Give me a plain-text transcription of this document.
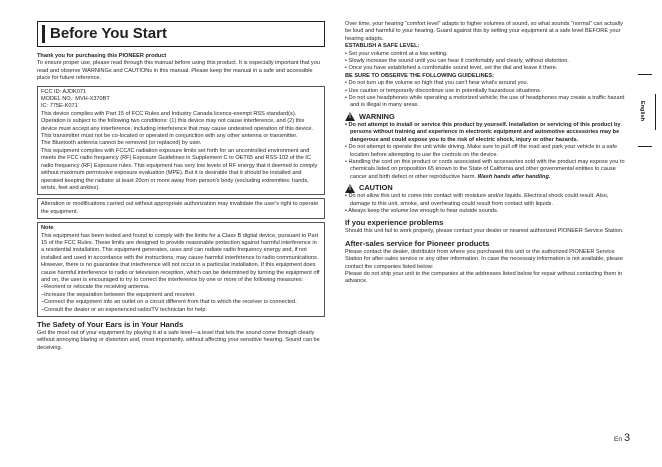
Before You Start

Thank you for purchasing this PIONEER product

To ensure proper use, please read through this manual before using this product. It is especially important that you read and observe WARNINGs and CAUTIONs in this manual. Please keep the manual in a safe and accessible place for future reference.

FCC ID: AJDK071

MODEL NO.: MVH-X370BT

IC: 775E-K071

This device complies with Part 15 of FCC Rules and Industry Canada licence-exempt RSS standard(s). Operation is subject to the following two conditions: (1) this device may not cause interference, and (2) this device must accept any interference, including interference that may cause undesired operation of this device.

This transmitter must not be co-located or operated in conjunction with any other antenna or transmitter.

The Bluetooth antenna cannot be removed (or replaced) by user.

This equipment complies with FCC/IC radiation exposure limits set forth for an uncontrolled environment and meets the FCC radio frequency (RF) Exposure Guidelines in Supplement C to OET65 and RSS-102 of the IC radio frequency (RF) Exposure rules. This equipment has very low levels of RF energy that it deemed to comply without maximum permissive exposure evaluation (MPE). But it is desirable that it should be installed and operated keeping the radiator at least 20cm or more away from person's body (excluding extremities: hands, wrists, feet and ankles).

Alteration or modifications carried out without appropriate authorization may invalidate the user's right to operate the equipment.

Note

This equipment has been tested and found to comply with the limits for a Class B digital device, pursuant to Part 15 of the FCC Rules. These limits are designed to provide reasonable protection against harmful interference in a residential installation. This equipment generates, uses and can radiate radio frequency energy and, if not installed and used in accordance with the instructions, may cause harmful interference to radio communications. However, there is no guarantee that interference will not occur in a particular installation. If this equipment does cause harmful interference to radio or television reception, which can be determined by turning the equipment off and on, the user is encouraged to try to correct the interference by one or more of the following measures:

–Reorient or relocate the receiving antenna.

–Increase the separation between the equipment and receiver.

–Connect the equipment into an outlet on a circuit different from that to which the receiver is connected.

–Consult the dealer or an experienced radio/TV technician for help.

The Safety of Your Ears is in Your Hands

Get the most out of your equipment by playing it at a safe level—a level that lets the sound come through clearly without annoying blaring or distortion and, most importantly, without affecting your sensitive hearing. Sound can be deceiving.

Over time, your hearing “comfort level” adapts to higher volumes of sound, so what sounds “normal” can actually be loud and harmful to your hearing. Guard against this by setting your equipment at a safe level BEFORE your hearing adapts.

ESTABLISH A SAFE LEVEL:

• Set your volume control at a low setting.

• Slowly increase the sound until you can hear it comfortably and clearly, without distortion.

• Once you have established a comfortable sound level, set the dial and leave it there.

BE SURE TO OBSERVE THE FOLLOWING GUIDELINES:

• Do not turn up the volume so high that you can't hear what's around you.

• Use caution or temporarily discontinue use in potentially hazardous situations.

• Do not use headphones while operating a motorized vehicle; the use of headphones may create a traffic hazard and is illegal in many areas.

! WARNING

• Do not attempt to install or service this product by yourself. Installation or servicing of this product by persons without training and experience in electronic equipment and automotive accessories may be dangerous and could expose you to the risk of electric shock, injury or other hazards.

• Do not attempt to operate the unit while driving. Make sure to pull off the road and park your vehicle in a safe location before attempting to use the controls on the device.

• Handling the cord on this product or cords associated with accessories sold with the product may expose you to chemicals listed on proposition 65 known to the State of California and other governmental entities to cause cancer and birth defect or other reproductive harm. Wash hands after handling.

! CAUTION

• Do not allow this unit to come into contact with moisture and/or liquids. Electrical shock could result. Also, damage to this unit, smoke, and overheating could result from contact with liquids.

• Always keep the volume low enough to hear outside sounds.

If you experience problems

Should this unit fail to work properly, please contact your dealer or nearest authorized PIONEER Service Station.

After-sales service for Pioneer products

Please contact the dealer, distributor from where you purchased this unit or the authorized PIONEER Service Station for after-sales service or any other information. In case the necessary information is not available, please contact the companies listed below:

Please do not ship your unit to the companies at the addresses listed below for repair without contacting them in advance.

English
En 3
